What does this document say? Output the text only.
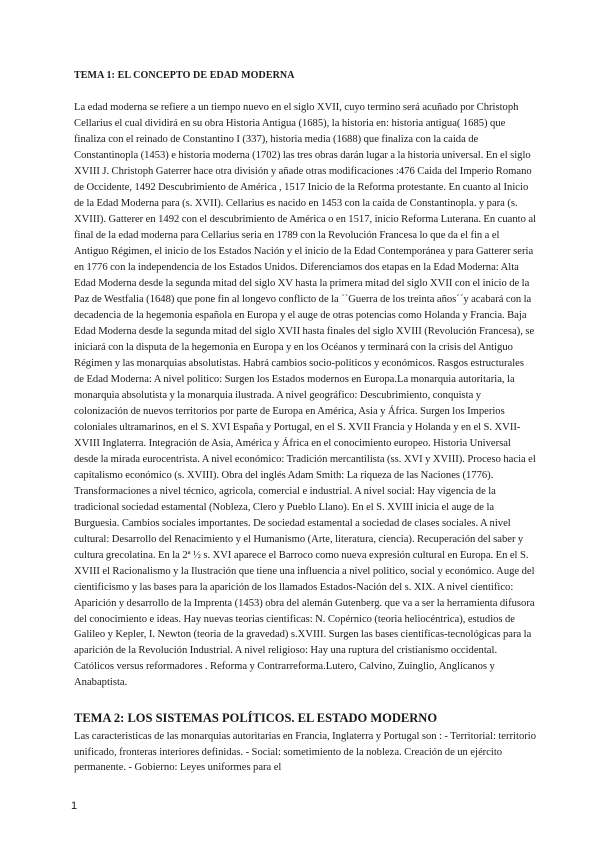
TEMA 1: EL CONCEPTO DE EDAD MODERNA
La edad moderna se refiere a un tiempo nuevo en el siglo XVII, cuyo termino será acuñado por Christoph Cellarius el cual dividirá en su obra Historia Antigua (1685), la historia en: historia antigua( 1685) que finaliza con el reinado de Constantino I (337), historia media (1688) que finaliza con la caida de Constantinopla (1453) e historia moderna (1702) las tres obras darán lugar a la historia universal. En el siglo XVIII J. Christoph Gaterrer hace otra división y añade otras modificaciones :476 Caida del Imperio Romano de Occidente, 1492 Descubrimiento de América , 1517 Inicio de la Reforma protestante. En cuanto al Inicio de la Edad Moderna para (s. XVII). Cellarius es nacido en 1453 con la caída de Constantinopla. y para (s. XVIII). Gatterer en 1492 con el descubrimiento de América o en 1517, inicio Reforma Luterana. En cuanto al final de la edad moderna para Cellarius seria en 1789 con la Revolución Francesa lo que da el fin a el Antiguo Régimen, el inicio de los Estados Nación y el inicio de la Edad Contemporánea y para Gatterer seria en 1776 con la independencia de los Estados Unidos. Diferenciamos dos etapas en la Edad Moderna: Alta Edad Moderna desde la segunda mitad del siglo XV hasta la primera mitad del siglo XVII con el inicio de la Paz de Westfalia (1648) que pone fin al longevo conflicto de la ``Guerra de los treinta años´´y acabará con la decadencia de la hegemonia española en Europa y el auge de otras potencias como Holanda y Francia. Baja Edad Moderna desde la segunda mitad del siglo XVII hasta finales del siglo XVIII (Revolución Francesa), se iniciará con la disputa de la hegemonia en Europa y en los Océanos y terminará con la crisis del Antiguo Régimen y las monarquias absolutistas. Habrá cambios socio-politicos y económicos. Rasgos estructurales de Edad Moderna: A nivel politico: Surgen los Estados modernos en Europa.La monarquia autoritaria, la monarquia absolutista y la monarquia ilustrada. A nivel geográfico: Descubrimiento, conquista y colonización de nuevos territorios por parte de Europa en América, Asia y África. Surgen los Imperios coloniales ultramarinos, en el S. XVI España y Portugal, en el S. XVII Francia y Holanda y en el S. XVII-XVIII Inglaterra. Integración de Asia, América y África en el conocimiento europeo. Historia Universal desde la mirada eurocentrista. A nivel económico: Tradición mercantilista (ss. XVI y XVIII). Proceso hacia el capitalismo económico (s. XVIII). Obra del inglés Adam Smith: La riqueza de las Naciones (1776). Transformaciones a nivel técnico, agricola, comercial e industrial. A nivel social: Hay vigencia de la tradicional sociedad estamental (Nobleza, Clero y Pueblo Llano). En el S. XVIII inicia el auge de la Burguesia. Cambios sociales importantes. De sociedad estamental a sociedad de clases sociales. A nivel cultural: Desarrollo del Renacimiento y el Humanismo (Arte, literatura, ciencia). Recuperación del saber y cultura grecolatina. En la 2ª ½ s. XVI aparece el Barroco como nueva expresión cultural en Europa. En el S. XVIII el Racionalismo y la Ilustración que tiene una influencia a nivel politico, social y económico. Auge del cientificismo y las bases para la aparición de los llamados Estados-Nación del s. XIX. A nivel cientifico: Aparición y desarrollo de la Imprenta (1453) obra del alemán Gutenberg. que va a ser la herramienta difusora del conocimiento e ideas. Hay nuevas teorias cientificas: N. Copérnico (teoria heliocéntrica), estudios de Galileo y Kepler, I. Newton (teoria de la gravedad) s.XVIII. Surgen las bases cientificas-tecnológicas para la aparición de la Revolución Industrial. A nivel religioso: Hay una ruptura del cristianismo occidental. Católicos versus reformadores . Reforma y Contrarreforma.Lutero, Calvino, Zuinglio, Anglicanos y Anabaptista.
TEMA 2: LOS SISTEMAS POLÍTICOS. EL ESTADO MODERNO
Las caracteristicas de las monarquias autoritarias en Francia, Inglaterra y Portugal son : - Territorial: territorio unificado, fronteras interiores definidas. - Social: sometimiento de la nobleza. Creación de un ejército permanente. - Gobierno: Leyes uniformes para el
1
